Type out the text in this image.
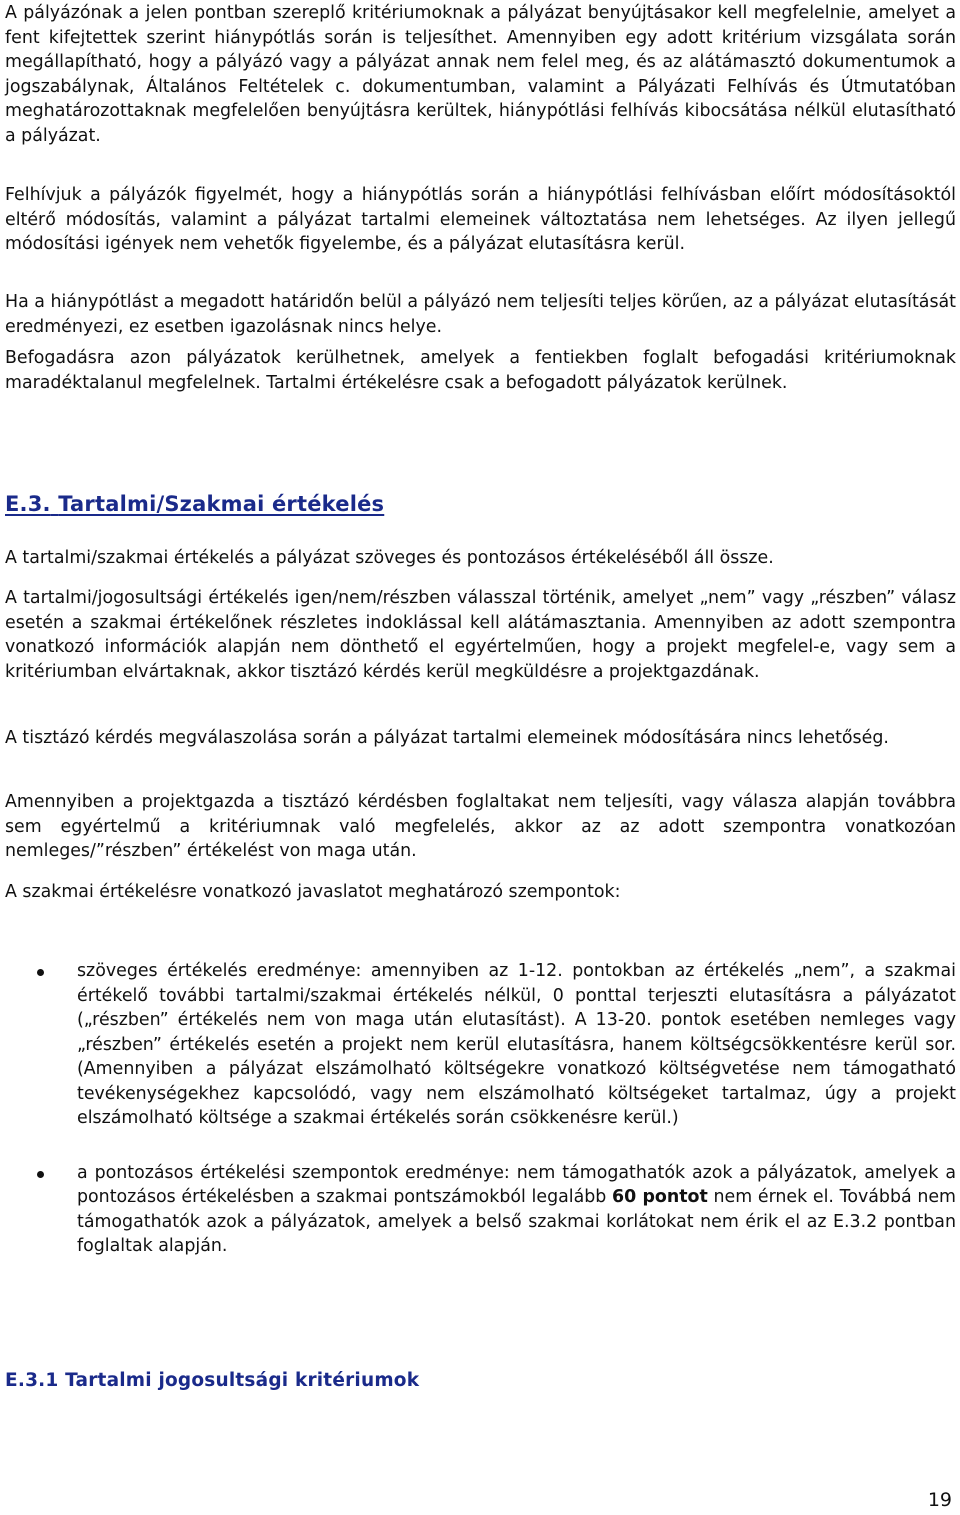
A pályázónak a jelen pontban szereplő kritériumoknak a pályázat benyújtásakor kell megfelelnie, amelyet a fent kifejtettek szerint hiánypótlás során is teljesíthet. Amennyiben egy adott kritérium vizsgálata során megállapítható, hogy a pályázó vagy a pályázat annak nem felel meg, és az alátámasztó dokumentumok a jogszabálynak, Általános Feltételek c. dokumentumban, valamint a Pályázati Felhívás és Útmutatóban meghatározottaknak megfelelően benyújtásra kerültek, hiánypótlási felhívás kibocsátása nélkül elutasítható a pályázat.

Felhívjuk a pályázók figyelmét, hogy a hiánypótlás során a hiánypótlási felhívásban előírt módosításoktól eltérő módosítás, valamint a pályázat tartalmi elemeinek változtatása nem lehetséges. Az ilyen jellegű módosítási igények nem vehetők figyelembe, és a pályázat elutasításra kerül.

Ha a hiánypótlást a megadott határidőn belül a pályázó nem teljesíti teljes körűen, az a pályázat elutasítását eredményezi, ez esetben igazolásnak nincs helye.

Befogadásra azon pályázatok kerülhetnek, amelyek a fentiekben foglalt befogadási kritériumoknak maradéktalanul megfelelnek. Tartalmi értékelésre csak a befogadott pályázatok kerülnek.

E.3. Tartalmi/Szakmai értékelés

A tartalmi/szakmai értékelés a pályázat szöveges és pontozásos értékeléséből áll össze.

A tartalmi/jogosultsági értékelés igen/nem/részben válasszal történik, amelyet „nem” vagy „részben” válasz esetén a szakmai értékelőnek részletes indoklással kell alátámasztania. Amennyiben az adott szempontra vonatkozó információk alapján nem dönthető el egyértelműen, hogy a projekt megfelel-e, vagy sem a kritériumban elvártaknak, akkor tisztázó kérdés kerül megküldésre a projektgazdának.

A tisztázó kérdés megválaszolása során a pályázat tartalmi elemeinek módosítására nincs lehetőség.

Amennyiben a projektgazda a tisztázó kérdésben foglaltakat nem teljesíti, vagy válasza alapján továbbra sem egyértelmű a kritériumnak való megfelelés, akkor az az adott szempontra vonatkozóan nemleges/”részben” értékelést von maga után.

A szakmai értékelésre vonatkozó javaslatot meghatározó szempontok:

szöveges értékelés eredménye: amennyiben az 1-12. pontokban az értékelés „nem”, a szakmai értékelő további tartalmi/szakmai értékelés nélkül, 0 ponttal terjeszti elutasításra a pályázatot („részben” értékelés nem von maga után elutasítást). A 13-20. pontok esetében nemleges vagy „részben” értékelés esetén a projekt nem kerül elutasításra, hanem költségcsökkentésre kerül sor. (Amennyiben a pályázat elszámolható költségekre vonatkozó költségvetése nem támogatható tevékenységekhez kapcsolódó, vagy nem elszámolható költségeket tartalmaz, úgy a projekt elszámolható költsége a szakmai értékelés során csökkenésre kerül.)

a pontozásos értékelési szempontok eredménye: nem támogathatók azok a pályázatok, amelyek a pontozásos értékelésben a szakmai pontszámokból legalább 60 pontot nem érnek el. Továbbá nem támogathatók azok a pályázatok, amelyek a belső szakmai korlátokat nem érik el az E.3.2 pontban foglaltak alapján.

E.3.1 Tartalmi jogosultsági kritériumok
19
